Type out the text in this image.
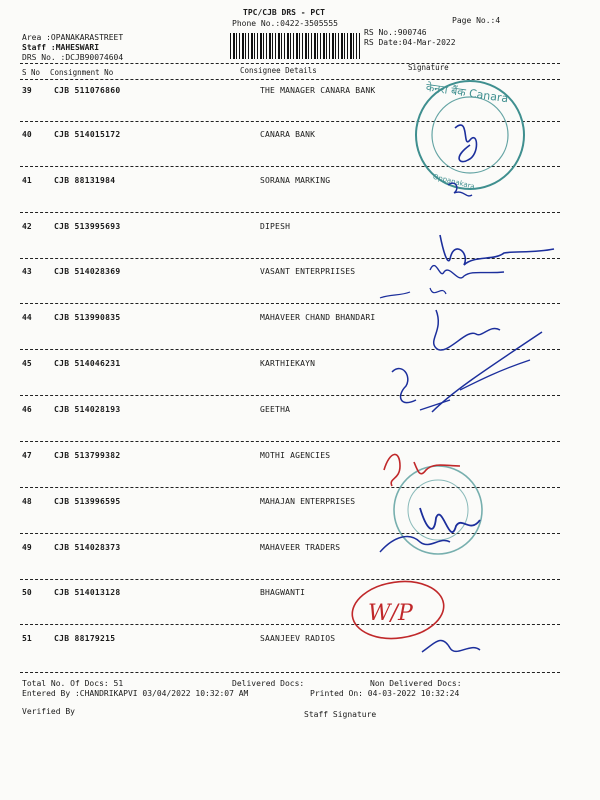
TPC/CJB DRS - PCT
Phone No.:0422-3505555	Page No.:4
Area :OPANAKARASTREET
Staff :MAHESWARI
DRS No. :DCJB90074604
RS No.:900746
RS Date:04-Mar-2022
S No Consignment No	Consignee Details	Signature
39	CJB 511076860	THE MANAGER CANARA BANK
40	CJB 514015172	CANARA BANK
41	CJB 88131984	SORANA MARKING
42	CJB 513995693	DIPESH
43	CJB 514028369	VASANT ENTERPRIISES
44	CJB 513990835	MAHAVEER CHAND BHANDARI
45	CJB 514046231	KARTHIEKAYN
46	CJB 514028193	GEETHA
47	CJB 513799382	MOTHI AGENCIES
48	CJB 513996595	MAHAJAN ENTERPRISES
49	CJB 514028373	MAHAVEER TRADERS
50	CJB 514013128	BHAGWANTI
51	CJB 88179215	SAANJEEV RADIOS
Total No. Of Docs: 51	Delivered Docs:	Non Delivered Docs:
Entered By :CHANDRIKAPVI 03/04/2022 10:32:07 AM	Printed On: 04-03-2022 10:32:24
Verified By	Staff Signature
केनरा बैंक Canara
Oppanakara
W/P
